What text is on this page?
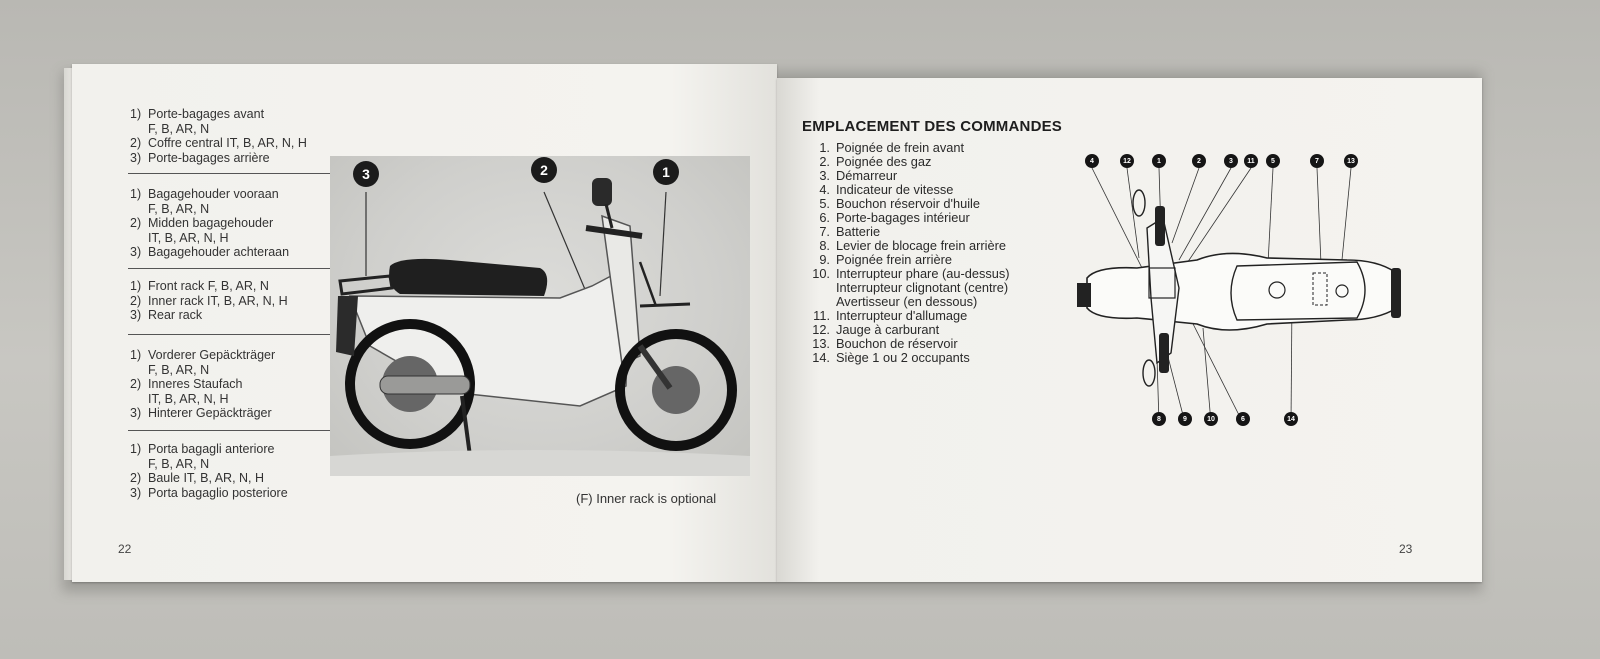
1) Porte-bagages avant
F, B, AR, N
2) Coffre central IT, B, AR, N, H
3) Porte-bagages arrière
1) Bagagehouder vooraan
F, B, AR, N
2) Midden bagagehouder
IT, B, AR, N, H
3) Bagagehouder achteraan
1) Front rack F, B, AR, N
2) Inner rack IT, B, AR, N, H
3) Rear rack
1) Vorderer Gepäckträger
F, B, AR, N
2) Inneres Staufach
IT, B, AR, N, H
3) Hinterer Gepäckträger
1) Porta bagagli anteriore
F, B, AR, N
2) Baule IT, B, AR, N, H
3) Porta bagaglio posteriore
3	2	1
(F) Inner rack is optional
22
EMPLACEMENT DES COMMANDES
1. Poignée de frein avant
2. Poignée des gaz
3. Démarreur
4. Indicateur de vitesse
5. Bouchon réservoir d'huile
6. Porte-bagages intérieur
7. Batterie
8. Levier de blocage frein arrière
9. Poignée frein arrière
10. Interrupteur phare (au-dessus)
Interrupteur clignotant (centre)
Avertisseur (en dessous)
11. Interrupteur d'allumage
12. Jauge à carburant
13. Bouchon de réservoir
14. Siège 1 ou 2 occupants
4	12	1	2	3	11	5	7	13
8	9	10	6	14
23
